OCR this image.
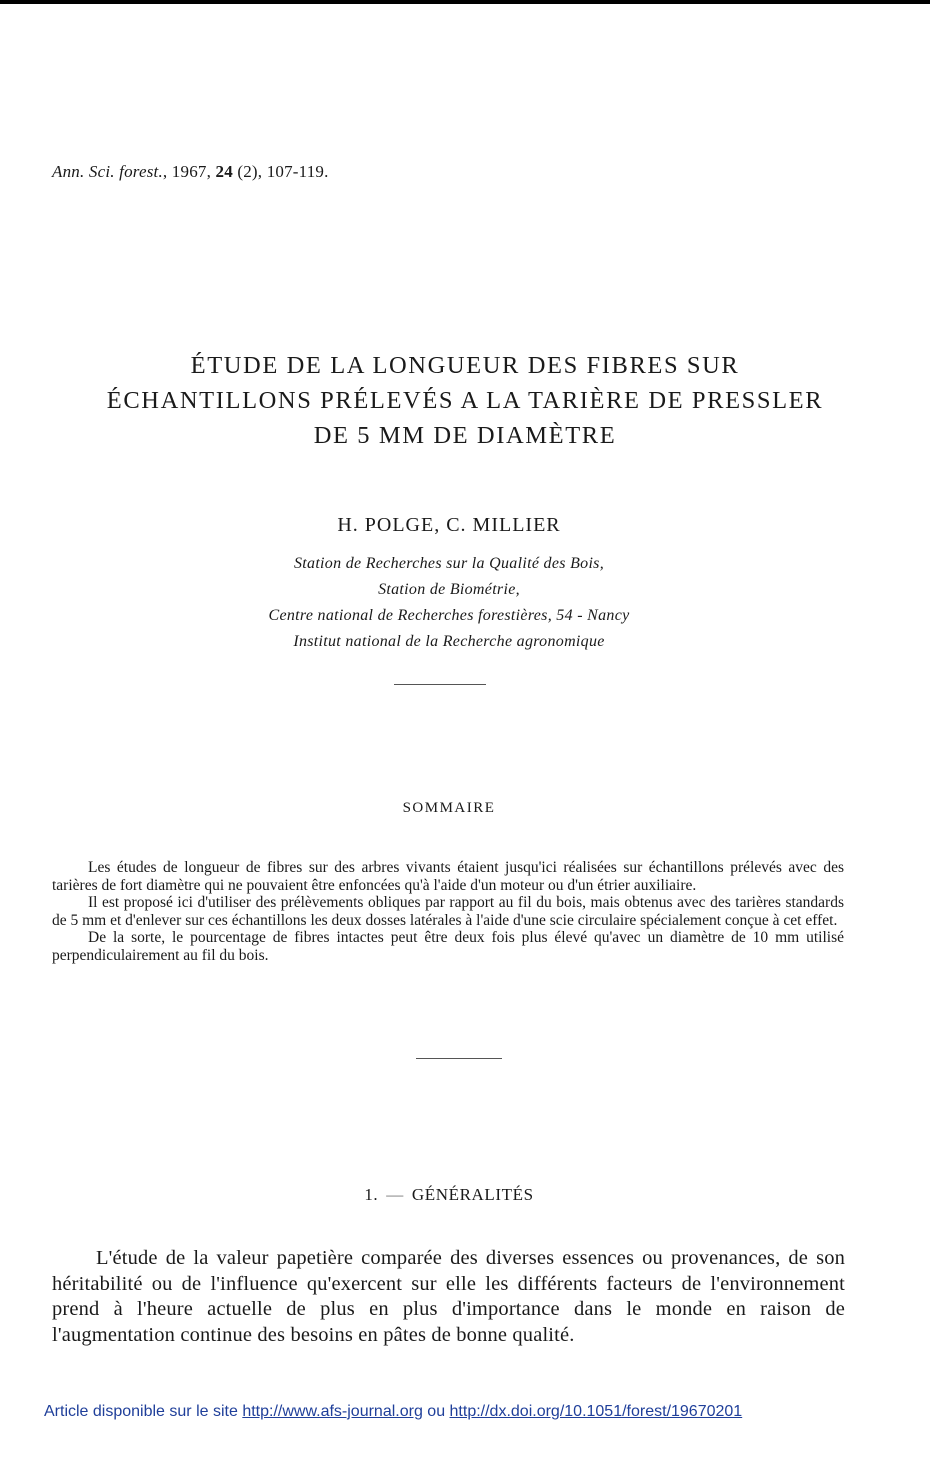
Ann. Sci. forest., 1967, 24 (2), 107-119.
ÉTUDE DE LA LONGUEUR DES FIBRES SUR
ÉCHANTILLONS PRÉLEVÉS A LA TARIÈRE DE PRESSLER
DE 5 MM DE DIAMÈTRE
H. POLGE, C. MILLIER
Station de Recherches sur la Qualité des Bois,
Station de Biométrie,
Centre national de Recherches forestières, 54 - Nancy
Institut national de la Recherche agronomique
SOMMAIRE

Les études de longueur de fibres sur des arbres vivants étaient jusqu'ici réalisées sur échantillons prélevés avec des tarières de fort diamètre qui ne pouvaient être enfoncées qu'à l'aide d'un moteur ou d'un étrier auxiliaire.

Il est proposé ici d'utiliser des prélèvements obliques par rapport au fil du bois, mais obtenus avec des tarières standards de 5 mm et d'enlever sur ces échantillons les deux dosses latérales à l'aide d'une scie circulaire spécialement conçue à cet effet.

De la sorte, le pourcentage de fibres intactes peut être deux fois plus élevé qu'avec un diamètre de 10 mm utilisé perpendiculairement au fil du bois.

1. — GÉNÉRALITÉS

L'étude de la valeur papetière comparée des diverses essences ou provenances, de son héritabilité ou de l'influence qu'exercent sur elle les différents facteurs de l'environnement prend à l'heure actuelle de plus en plus d'importance dans le monde en raison de l'augmentation continue des besoins en pâtes de bonne qualité.

Article disponible sur le site http://www.afs-journal.org ou http://dx.doi.org/10.1051/forest/19670201
